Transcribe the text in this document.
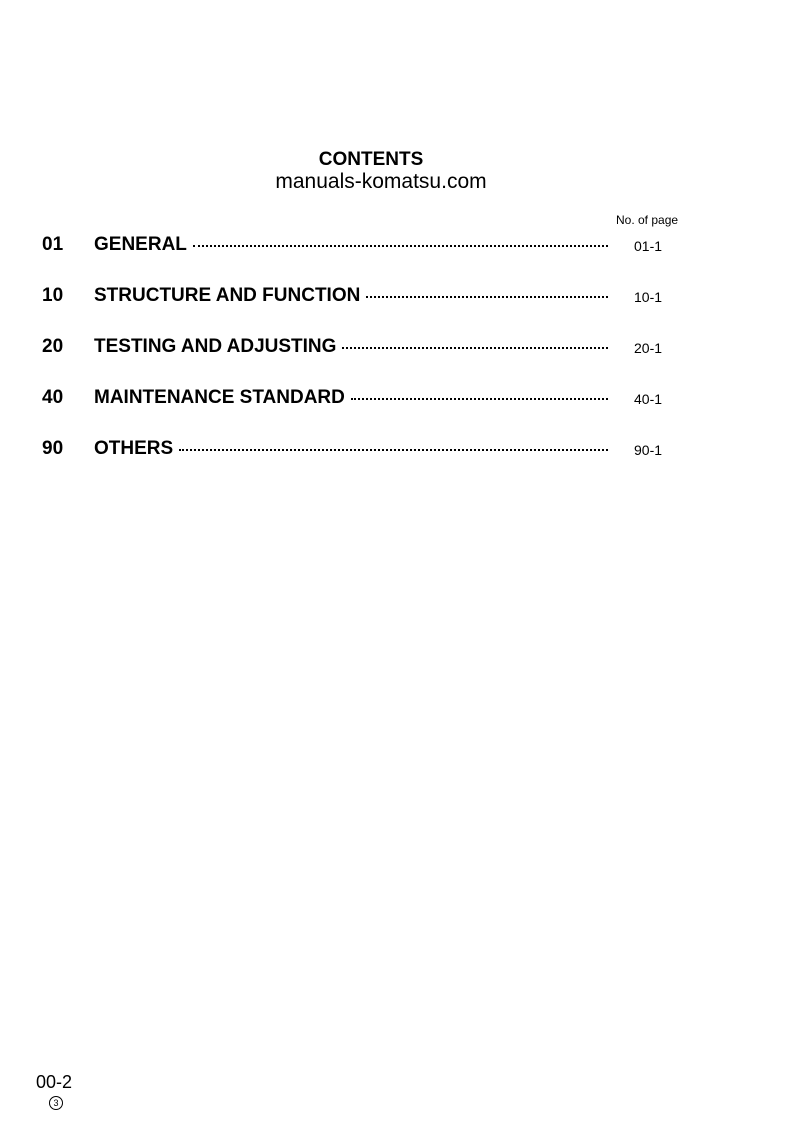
CONTENTS
manuals-komatsu.com
No. of page
01 GENERAL	01-1
10 STRUCTURE AND FUNCTION	10-1
20 TESTING AND ADJUSTING	20-1
40 MAINTENANCE STANDARD	40-1
90 OTHERS	90-1
00-2
3
